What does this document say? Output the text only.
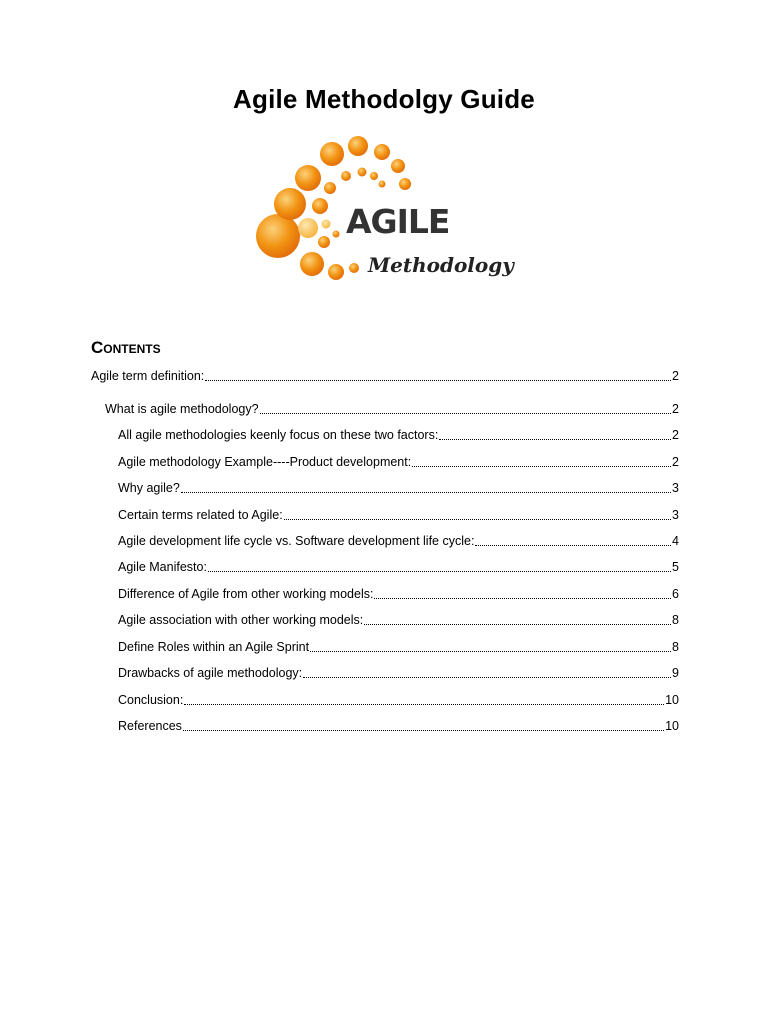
Agile Methodolgy Guide
AGILE
Methodology
Contents
Agile term definition:	2
What is agile methodology?	2
All agile methodologies keenly focus on these two factors:	2
Agile methodology Example----Product development:	2
Why agile?	3
Certain terms related to Agile:	3
Agile development life cycle vs. Software development life cycle:	4
Agile Manifesto:	5
Difference of Agile from other working models:	6
Agile association with other working models:	8
Define Roles within an Agile Sprint	8
Drawbacks of agile methodology:	9
Conclusion:	10
References	10
